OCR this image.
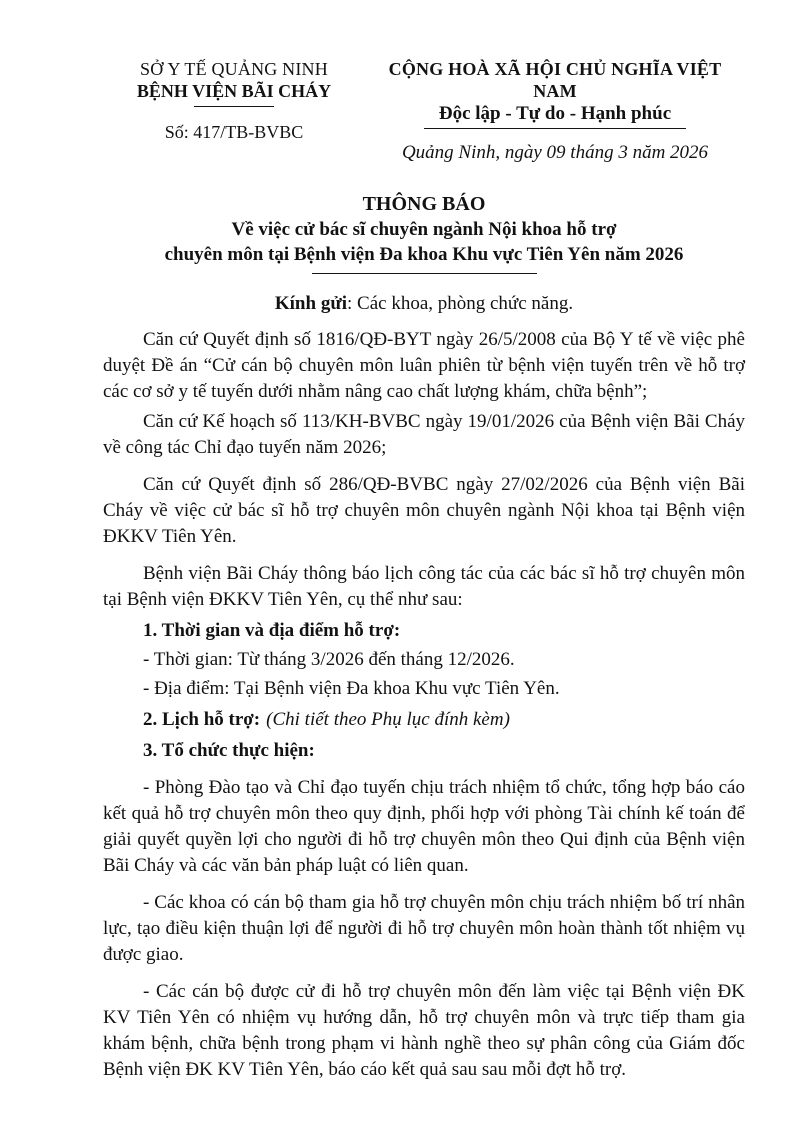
SỞ Y TẾ QUẢNG NINH
BỆNH VIỆN BÃI CHÁY
Số: 417/TB-BVBC
CỘNG HOÀ XÃ HỘI CHỦ NGHĨA VIỆT NAM
Độc lập - Tự do - Hạnh phúc
Quảng Ninh, ngày 09 tháng 3 năm 2026
THÔNG BÁO
Về việc cử bác sĩ chuyên ngành Nội khoa hỗ trợ
chuyên môn tại Bệnh viện Đa khoa Khu vực Tiên Yên năm 2026
Kính gửi: Các khoa, phòng chức năng.

Căn cứ Quyết định số 1816/QĐ-BYT ngày 26/5/2008 của Bộ Y tế về việc phê duyệt Đề án “Cử cán bộ chuyên môn luân phiên từ bệnh viện tuyến trên về hỗ trợ các cơ sở y tế tuyến dưới nhằm nâng cao chất lượng khám, chữa bệnh”;

Căn cứ Kế hoạch số 113/KH-BVBC ngày 19/01/2026 của Bệnh viện Bãi Cháy về công tác Chỉ đạo tuyến năm 2026;

Căn cứ Quyết định số 286/QĐ-BVBC ngày 27/02/2026 của Bệnh viện Bãi Cháy về việc cử bác sĩ hỗ trợ chuyên môn chuyên ngành Nội khoa tại Bệnh viện ĐKKV Tiên Yên.

Bệnh viện Bãi Cháy thông báo lịch công tác của các bác sĩ hỗ trợ chuyên môn tại Bệnh viện ĐKKV Tiên Yên, cụ thể như sau:

1. Thời gian và địa điểm hỗ trợ:
- Thời gian: Từ tháng 3/2026 đến tháng 12/2026.
- Địa điểm: Tại Bệnh viện Đa khoa Khu vực Tiên Yên.
2. Lịch hỗ trợ: (Chi tiết theo Phụ lục đính kèm)
3. Tổ chức thực hiện:

- Phòng Đào tạo và Chỉ đạo tuyến chịu trách nhiệm tổ chức, tổng hợp báo cáo kết quả hỗ trợ chuyên môn theo quy định, phối hợp với phòng Tài chính kế toán để giải quyết quyền lợi cho người đi hỗ trợ chuyên môn theo Qui định của Bệnh viện Bãi Cháy và các văn bản pháp luật có liên quan.

- Các khoa có cán bộ tham gia hỗ trợ chuyên môn chịu trách nhiệm bố trí nhân lực, tạo điều kiện thuận lợi để người đi hỗ trợ chuyên môn hoàn thành tốt nhiệm vụ được giao.

- Các cán bộ được cử đi hỗ trợ chuyên môn đến làm việc tại Bệnh viện ĐK KV Tiên Yên có nhiệm vụ hướng dẫn, hỗ trợ chuyên môn và trực tiếp tham gia khám bệnh, chữa bệnh trong phạm vi hành nghề theo sự phân công của Giám đốc Bệnh viện ĐK KV Tiên Yên, báo cáo kết quả sau sau mỗi đợt hỗ trợ.
